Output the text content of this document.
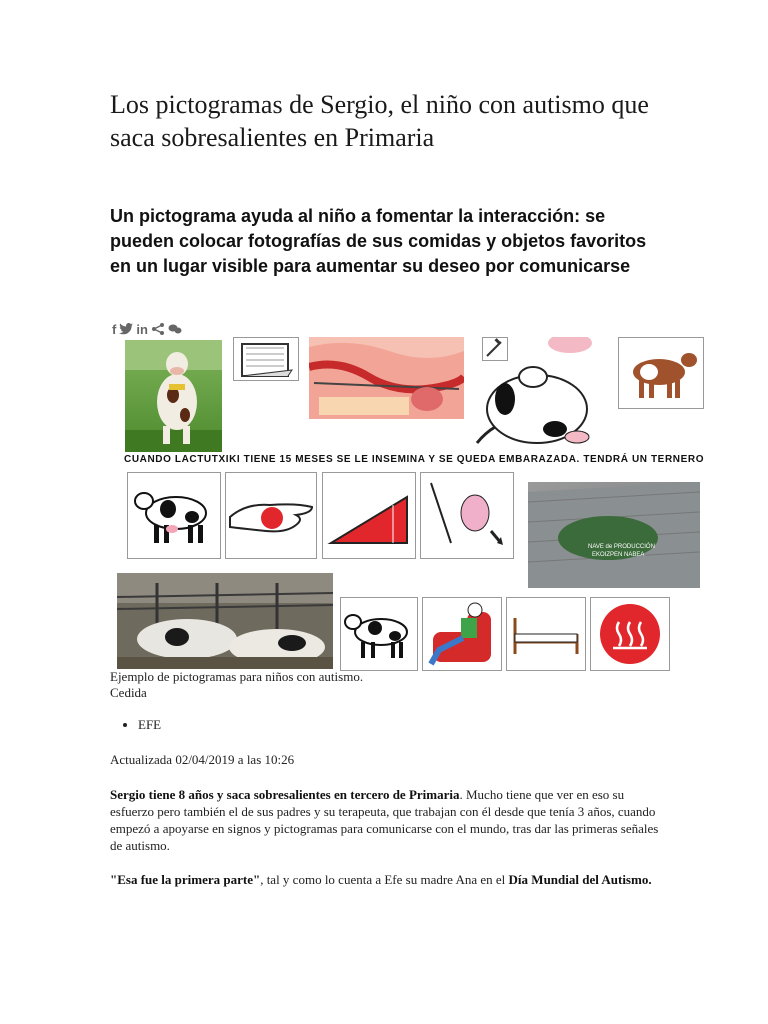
Los pictogramas de Sergio, el niño con autismo que saca sobresalientes en Primaria
Un pictograma ayuda al niño a fomentar la interacción: se pueden colocar fotografías de sus comidas y objetos favoritos en un lugar visible para aumentar su deseo por comunicarse
f in
CUANDO LACTUTXIKI TIENE 15 MESES SE LE INSEMINA Y SE QUEDA EMBARAZADA. TENDRÁ UN TERNERO
NAVE de PRODUCCIÓN
EKOIZPEN NABEA
Ejemplo de pictogramas para niños con autismo.
Cedida
• EFE
Actualizada 02/04/2019 a las 10:26

Sergio tiene 8 años y saca sobresalientes en tercero de Primaria. Mucho tiene que ver en eso su esfuerzo pero también el de sus padres y su terapeuta, que trabajan con él desde que tenía 3 años, cuando empezó a apoyarse en signos y pictogramas para comunicarse con el mundo, tras dar las primeras señales de autismo.

"Esa fue la primera parte", tal y como lo cuenta a Efe su madre Ana en el Día Mundial del Autismo.
